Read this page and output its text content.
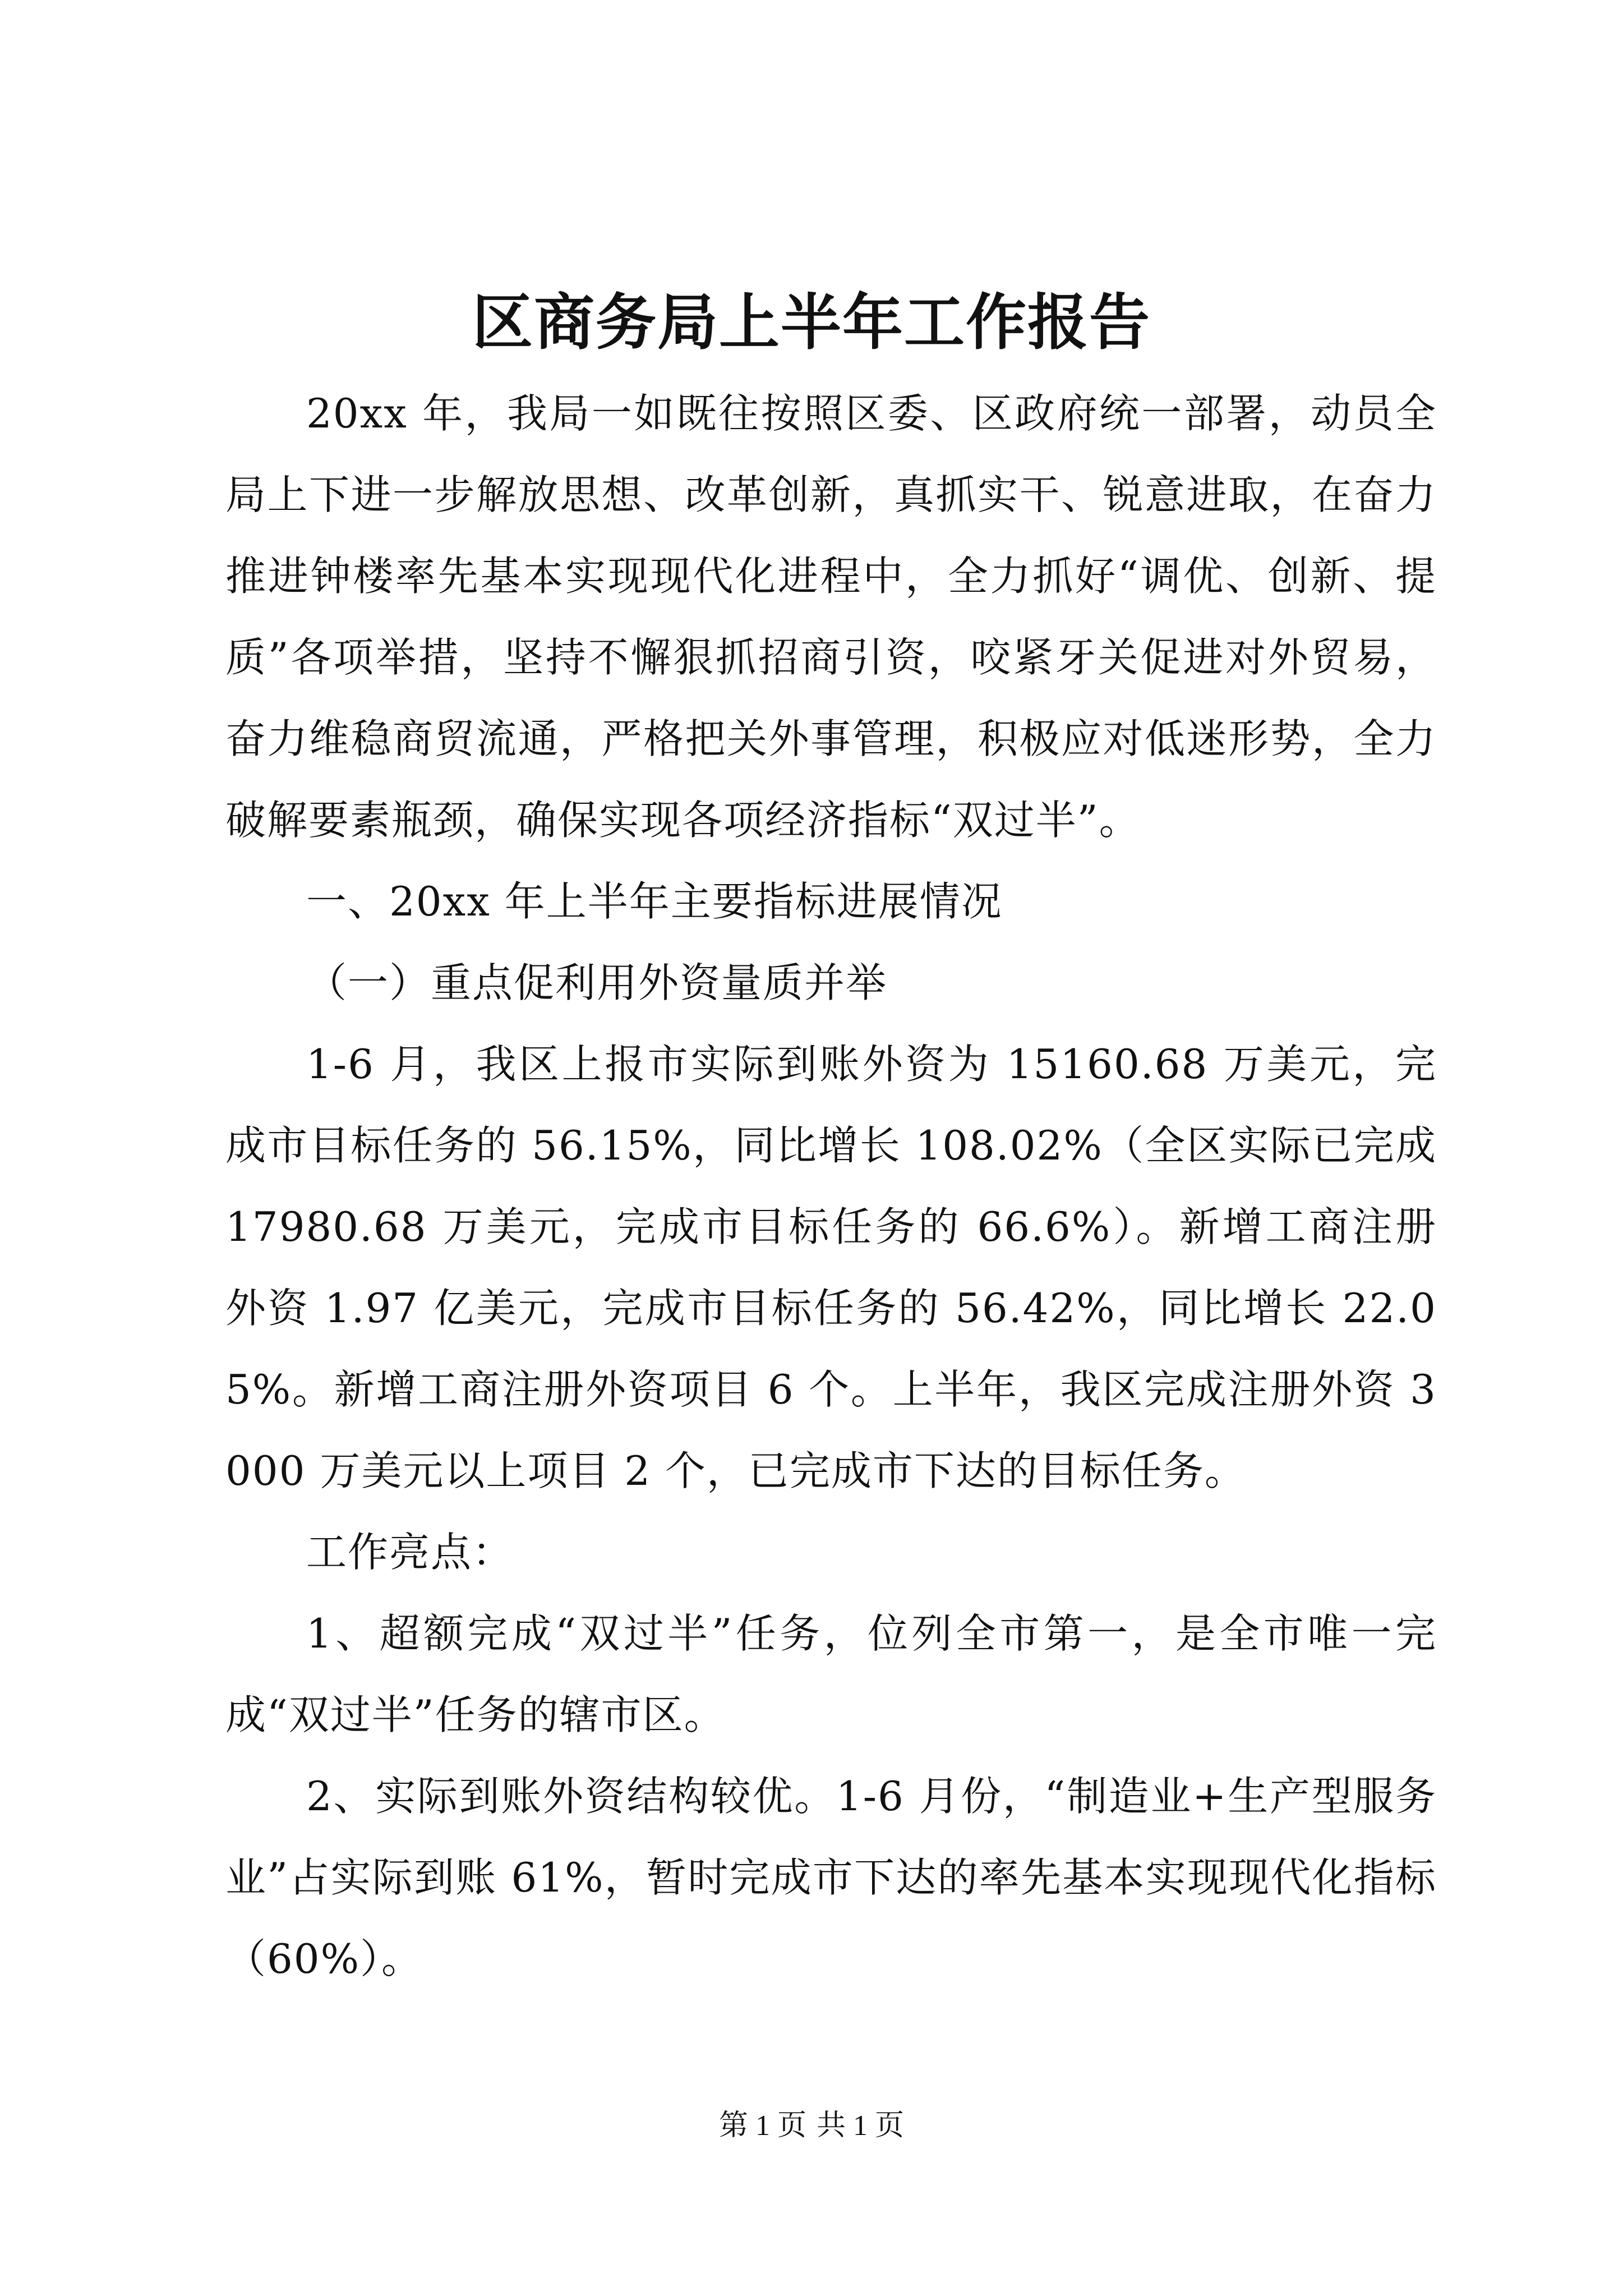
区商务局上半年工作报告

20xx 年，我局一如既往按照区委、区政府统一部署，动员全局上下进一步解放思想、改革创新，真抓实干、锐意进取，在奋力推进钟楼率先基本实现现代化进程中，全力抓好“调优、创新、提质”各项举措，坚持不懈狠抓招商引资，咬紧牙关促进对外贸易，奋力维稳商贸流通，严格把关外事管理，积极应对低迷形势，全力破解要素瓶颈，确保实现各项经济指标“双过半”。

一、20xx 年上半年主要指标进展情况

（一）重点促利用外资量质并举

1-6 月，我区上报市实际到账外资为 15160.68 万美元，完成市目标任务的 56.15%，同比增长 108.02%（全区实际已完成 17980.68 万美元，完成市目标任务的 66.6%）。新增工商注册外资 1.97 亿美元，完成市目标任务的 56.42%，同比增长 22.05%。新增工商注册外资项目 6 个。上半年，我区完成注册外资 3000 万美元以上项目 2 个，已完成市下达的目标任务。

工作亮点：

1、超额完成“双过半”任务，位列全市第一，是全市唯一完成“双过半”任务的辖市区。

2、实际到账外资结构较优。1-6 月份，“制造业+生产型服务业”占实际到账 61%，暂时完成市下达的率先基本实现现代化指标（60%）。

第 1 页 共 1 页
